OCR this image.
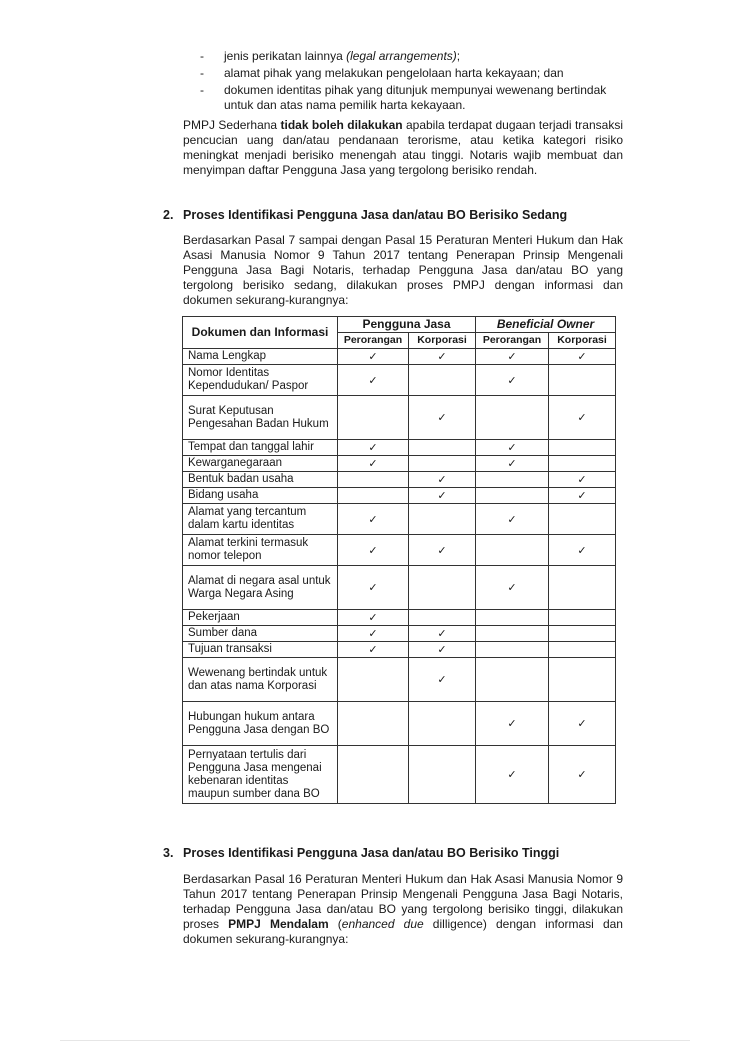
- jenis perikatan lainnya (legal arrangements);
- alamat pihak yang melakukan pengelolaan harta kekayaan; dan
- dokumen identitas pihak yang ditunjuk mempunyai wewenang bertindak untuk dan atas nama pemilik harta kekayaan.

PMPJ Sederhana tidak boleh dilakukan apabila terdapat dugaan terjadi transaksi pencucian uang dan/atau pendanaan terorisme, atau ketika kategori risiko meningkat menjadi berisiko menengah atau tinggi. Notaris wajib membuat dan menyimpan daftar Pengguna Jasa yang tergolong berisiko rendah.

2. Proses Identifikasi Pengguna Jasa dan/atau BO Berisiko Sedang

Berdasarkan Pasal 7 sampai dengan Pasal 15 Peraturan Menteri Hukum dan Hak Asasi Manusia Nomor 9 Tahun 2017 tentang Penerapan Prinsip Mengenali Pengguna Jasa Bagi Notaris, terhadap Pengguna Jasa dan/atau BO yang tergolong berisiko sedang, dilakukan proses PMPJ dengan informasi dan dokumen sekurang-kurangnya:

Dokumen dan Informasi	Pengguna Jasa		Beneficial Owner	
	Perorangan	Korporasi	Perorangan	Korporasi
Nama Lengkap	✓	✓	✓	✓
Nomor Identitas Kependudukan/ Paspor	✓		✓	
Surat Keputusan Pengesahan Badan Hukum		✓		✓
Tempat dan tanggal lahir	✓		✓	
Kewarganegaraan	✓		✓	
Bentuk badan usaha		✓		✓
Bidang usaha		✓		✓
Alamat yang tercantum dalam kartu identitas	✓		✓	
Alamat terkini termasuk nomor telepon	✓	✓		✓
Alamat di negara asal untuk Warga Negara Asing	✓		✓	
Pekerjaan	✓			
Sumber dana	✓	✓		
Tujuan transaksi	✓	✓		
Wewenang bertindak untuk dan atas nama Korporasi		✓		
Hubungan hukum antara Pengguna Jasa dengan BO			✓	✓
Pernyataan tertulis dari Pengguna Jasa mengenai kebenaran identitas maupun sumber dana BO			✓	✓
3. Proses Identifikasi Pengguna Jasa dan/atau BO Berisiko Tinggi

Berdasarkan Pasal 16 Peraturan Menteri Hukum dan Hak Asasi Manusia Nomor 9 Tahun 2017 tentang Penerapan Prinsip Mengenali Pengguna Jasa Bagi Notaris, terhadap Pengguna Jasa dan/atau BO yang tergolong berisiko tinggi, dilakukan proses PMPJ Mendalam (enhanced due dilligence) dengan informasi dan dokumen sekurang-kurangnya:
